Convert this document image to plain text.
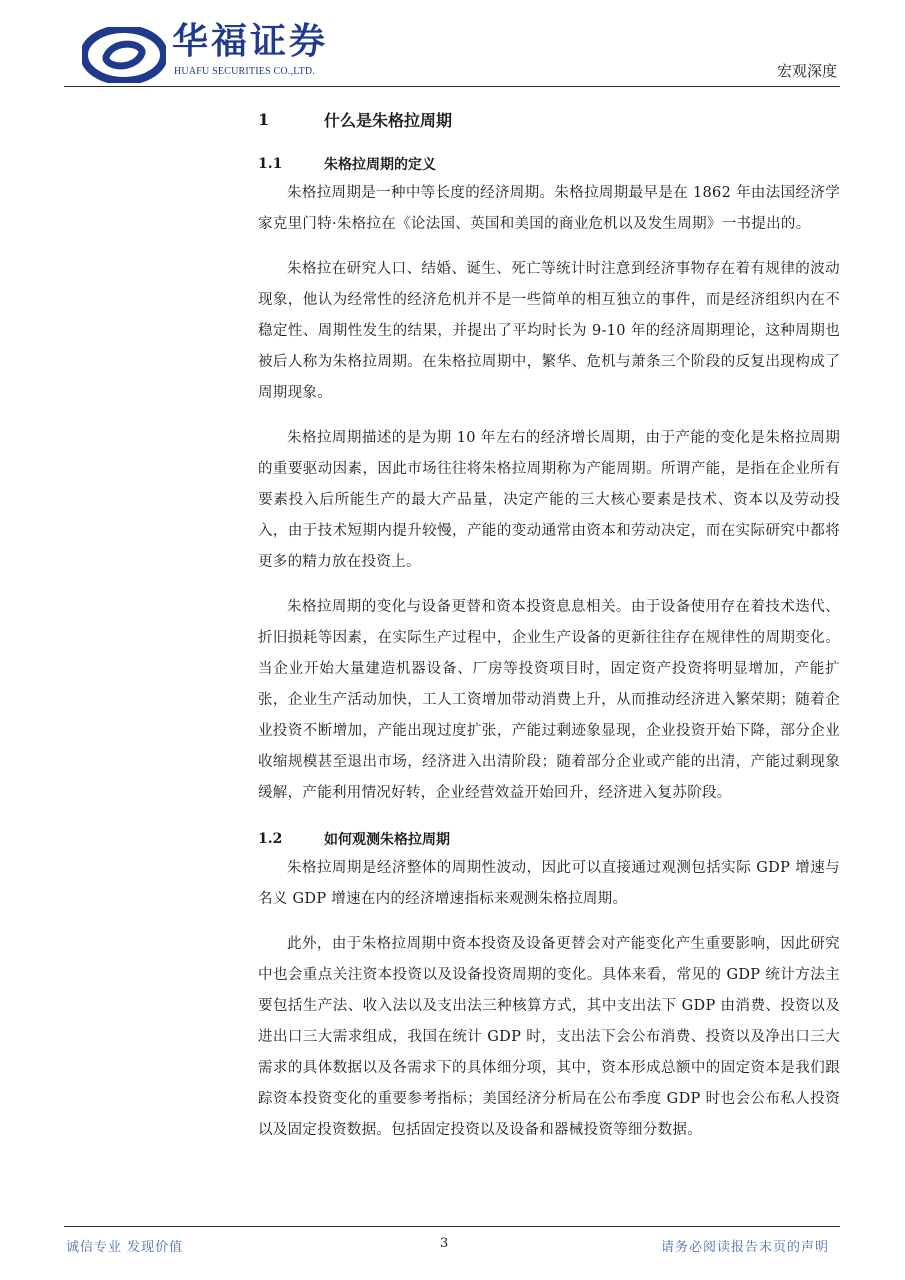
华福证券
HUAFU SECURITIES CO.,LTD.	宏观深度
1	什么是朱格拉周期
1.1	朱格拉周期的定义

朱格拉周期是一种中等长度的经济周期。朱格拉周期最早是在 1862 年由法国经济学家克里门特·朱格拉在《论法国、英国和美国的商业危机以及发生周期》一书提出的。

朱格拉在研究人口、结婚、诞生、死亡等统计时注意到经济事物存在着有规律的波动现象，他认为经常性的经济危机并不是一些简单的相互独立的事件，而是经济组织内在不稳定性、周期性发生的结果，并提出了平均时长为 9-10 年的经济周期理论，这种周期也被后人称为朱格拉周期。在朱格拉周期中，繁华、危机与萧条三个阶段的反复出现构成了周期现象。

朱格拉周期描述的是为期 10 年左右的经济增长周期，由于产能的变化是朱格拉周期的重要驱动因素，因此市场往往将朱格拉周期称为产能周期。所谓产能，是指在企业所有要素投入后所能生产的最大产品量，决定产能的三大核心要素是技术、资本以及劳动投入，由于技术短期内提升较慢，产能的变动通常由资本和劳动决定，而在实际研究中都将更多的精力放在投资上。

朱格拉周期的变化与设备更替和资本投资息息相关。由于设备使用存在着技术迭代、折旧损耗等因素，在实际生产过程中，企业生产设备的更新往往存在规律性的周期变化。当企业开始大量建造机器设备、厂房等投资项目时，固定资产投资将明显增加，产能扩张，企业生产活动加快，工人工资增加带动消费上升，从而推动经济进入繁荣期；随着企业投资不断增加，产能出现过度扩张，产能过剩迹象显现，企业投资开始下降，部分企业收缩规模甚至退出市场，经济进入出清阶段；随着部分企业或产能的出清，产能过剩现象缓解，产能利用情况好转，企业经营效益开始回升，经济进入复苏阶段。

1.2	如何观测朱格拉周期

朱格拉周期是经济整体的周期性波动，因此可以直接通过观测包括实际 GDP 增速与名义 GDP 增速在内的经济增速指标来观测朱格拉周期。

此外，由于朱格拉周期中资本投资及设备更替会对产能变化产生重要影响，因此研究中也会重点关注资本投资以及设备投资周期的变化。具体来看，常见的 GDP 统计方法主要包括生产法、收入法以及支出法三种核算方式，其中支出法下 GDP 由消费、投资以及进出口三大需求组成，我国在统计 GDP 时，支出法下会公布消费、投资以及净出口三大需求的具体数据以及各需求下的具体细分项，其中，资本形成总额中的固定资本是我们跟踪资本投资变化的重要参考指标；美国经济分析局在公布季度 GDP 时也会公布私人投资以及固定投资数据。包括固定投资以及设备和器械投资等细分数据。

诚信专业 发现价值	3	请务必阅读报告末页的声明
